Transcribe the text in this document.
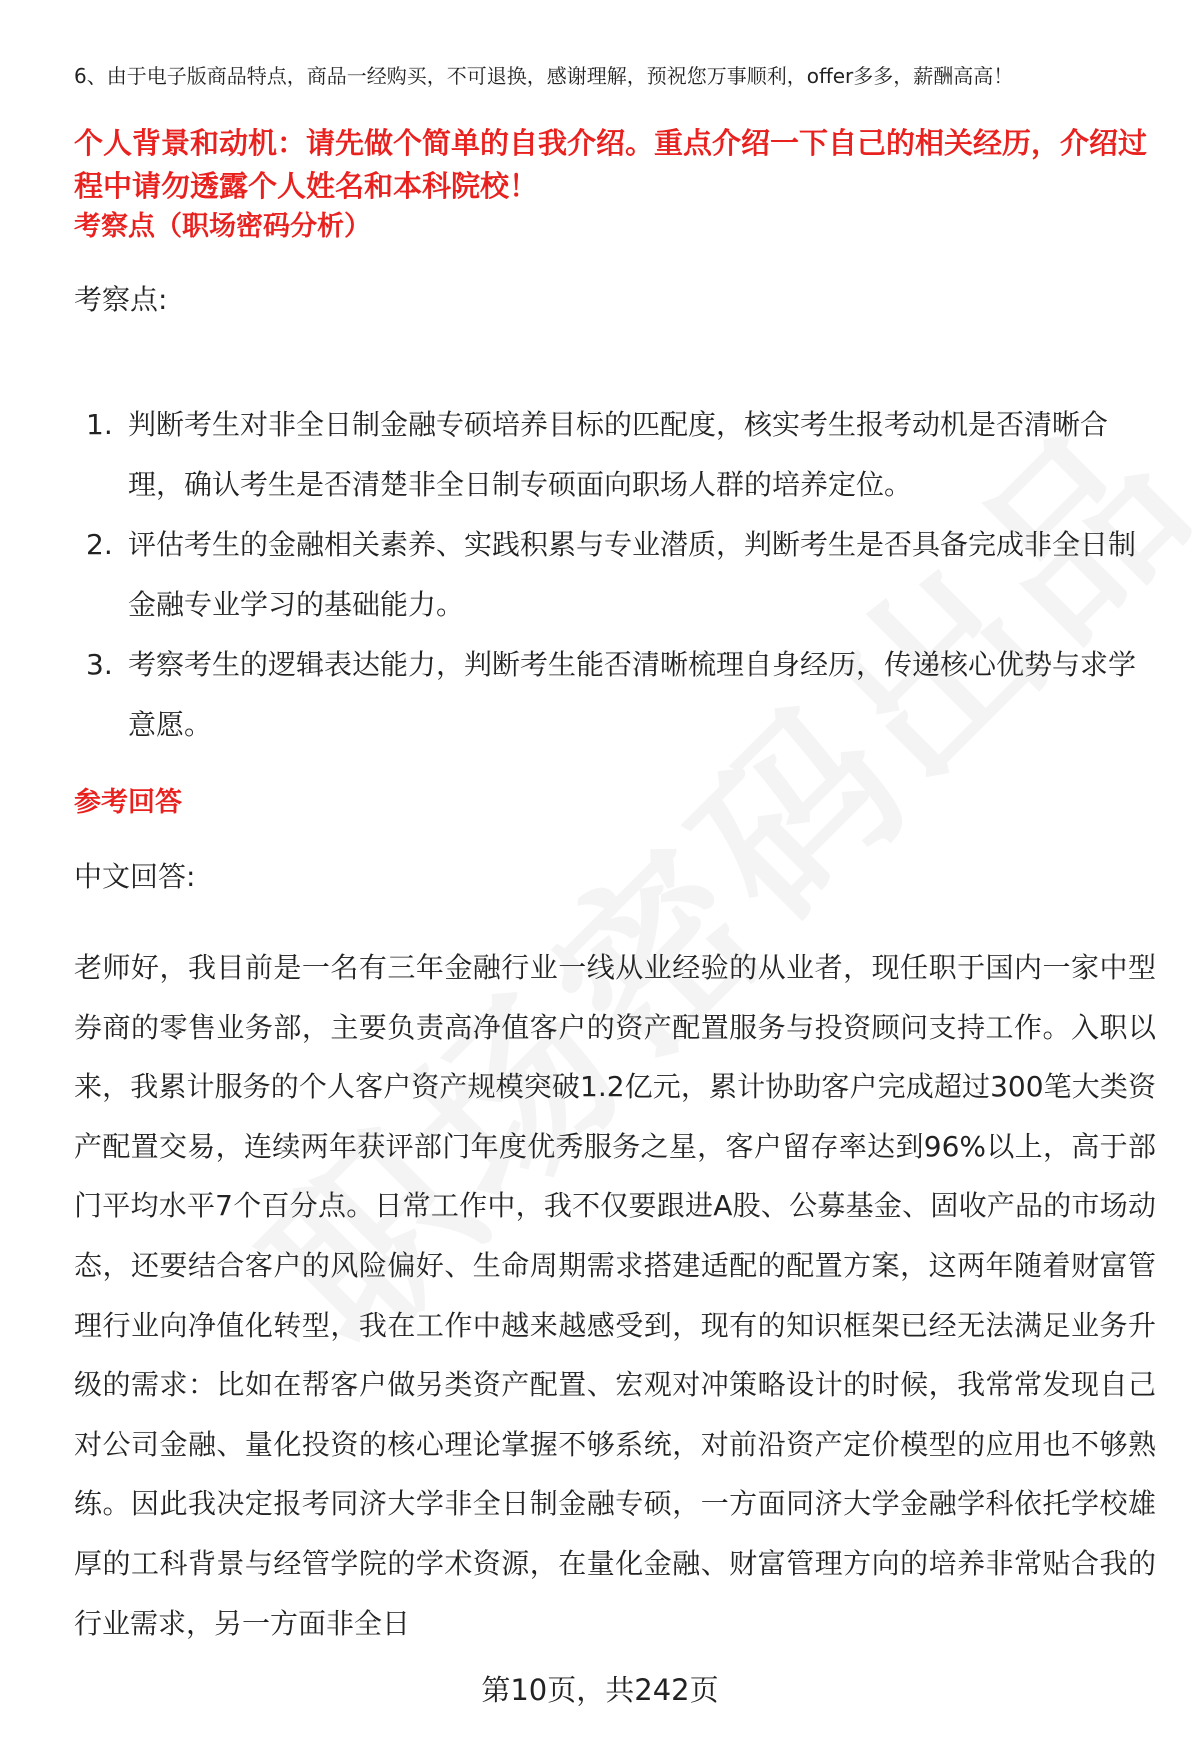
6、由于电子版商品特点，商品一经购买，不可退换，感谢理解，预祝您万事顺利，offer多多，薪酬高高！
个人背景和动机：请先做个简单的自我介绍。重点介绍一下自己的相关经历，介绍过程中请勿透露个人姓名和本科院校！
考察点（职场密码分析）
考察点:
1. 判断考生对非全日制金融专硕培养目标的匹配度，核实考生报考动机是否清晰合理，确认考生是否清楚非全日制专硕面向职场人群的培养定位。
2. 评估考生的金融相关素养、实践积累与专业潜质，判断考生是否具备完成非全日制金融专业学习的基础能力。
3. 考察考生的逻辑表达能力，判断考生能否清晰梳理自身经历，传递核心优势与求学意愿。
参考回答
中文回答:
老师好，我目前是一名有三年金融行业一线从业经验的从业者，现任职于国内一家中型券商的零售业务部，主要负责高净值客户的资产配置服务与投资顾问支持工作。入职以来，我累计服务的个人客户资产规模突破1.2亿元，累计协助客户完成超过300笔大类资产配置交易，连续两年获评部门年度优秀服务之星，客户留存率达到96%以上，高于部门平均水平7个百分点。日常工作中，我不仅要跟进A股、公募基金、固收产品的市场动态，还要结合客户的风险偏好、生命周期需求搭建适配的配置方案，这两年随着财富管理行业向净值化转型，我在工作中越来越感受到，现有的知识框架已经无法满足业务升级的需求：比如在帮客户做另类资产配置、宏观对冲策略设计的时候，我常常发现自己对公司金融、量化投资的核心理论掌握不够系统，对前沿资产定价模型的应用也不够熟练。因此我决定报考同济大学非全日制金融专硕，一方面同济大学金融学科依托学校雄厚的工科背景与经管学院的学术资源，在量化金融、财富管理方向的培养非常贴合我的行业需求，另一方面非全日
第10页，共242页
